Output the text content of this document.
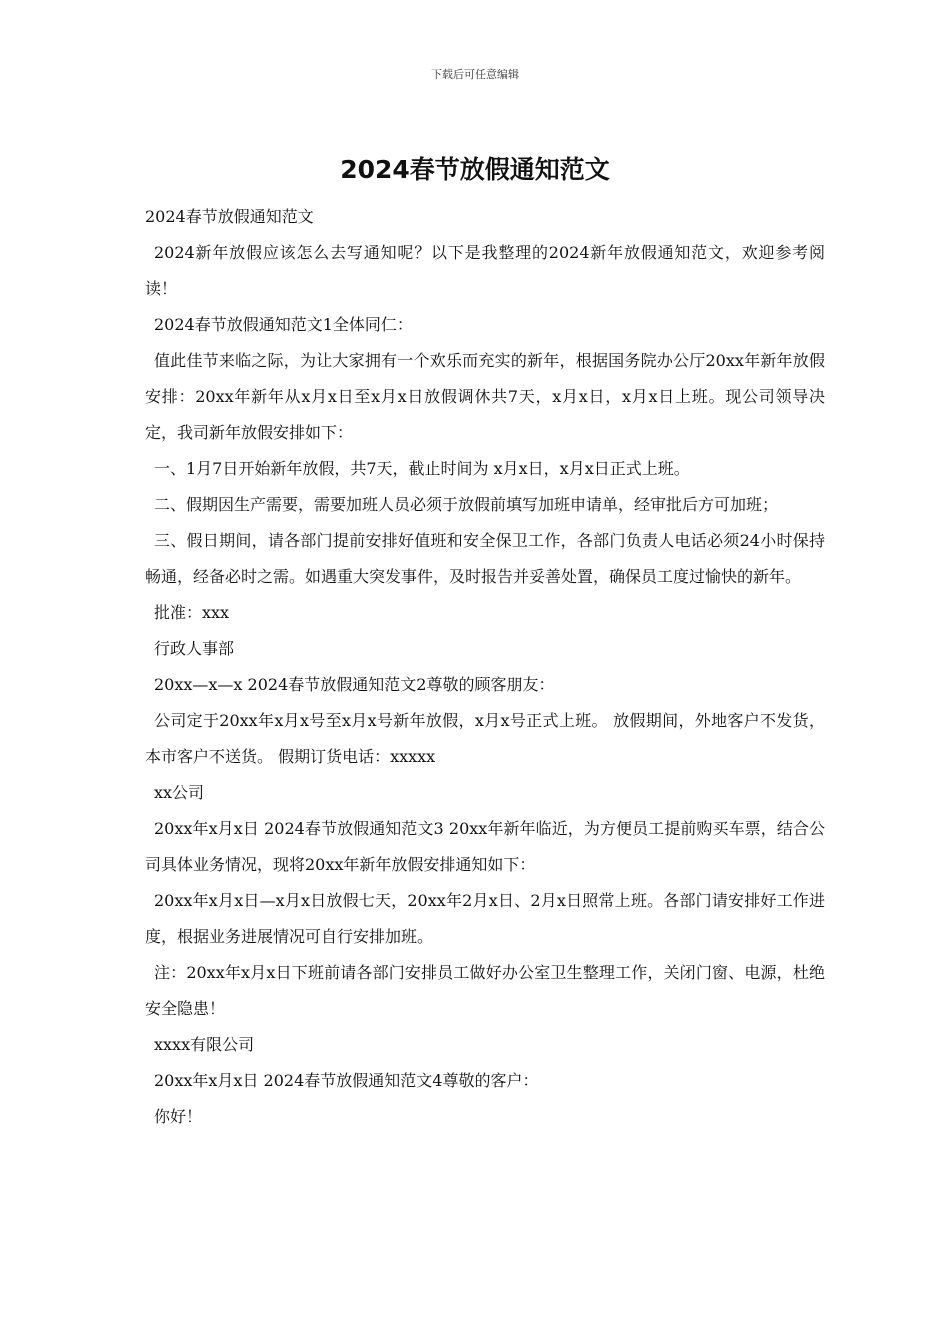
下载后可任意编辑
2024春节放假通知范文

2024春节放假通知范文

2024新年放假应该怎么去写通知呢？以下是我整理的2024新年放假通知范文，欢迎参考阅读！

2024春节放假通知范文1全体同仁：

值此佳节来临之际，为让大家拥有一个欢乐而充实的新年，根据国务院办公厅20xx年新年放假安排：20xx年新年从x月x日至x月x日放假调休共7天，x月x日，x月x日上班。现公司领导决定，我司新年放假安排如下：

一、1月7日开始新年放假，共7天，截止时间为 x月x日，x月x日正式上班。

二、假期因生产需要，需要加班人员必须于放假前填写加班申请单，经审批后方可加班；

三、假日期间，请各部门提前安排好值班和安全保卫工作，各部门负责人电话必须24小时保持畅通，经备必时之需。如遇重大突发事件，及时报告并妥善处置，确保员工度过愉快的新年。

批准：xxx

行政人事部

20xx—x—x 2024春节放假通知范文2尊敬的顾客朋友：

公司定于20xx年x月x号至x月x号新年放假，x月x号正式上班。 放假期间，外地客户不发货，本市客户不送货。 假期订货电话：xxxxx

xx公司

20xx年x月x日 2024春节放假通知范文3 20xx年新年临近，为方便员工提前购买车票，结合公司具体业务情况，现将20xx年新年放假安排通知如下：

20xx年x月x日—x月x日放假七天，20xx年2月x日、2月x日照常上班。各部门请安排好工作进度，根据业务进展情况可自行安排加班。

注：20xx年x月x日下班前请各部门安排员工做好办公室卫生整理工作，关闭门窗、电源，杜绝安全隐患！

xxxx有限公司

20xx年x月x日 2024春节放假通知范文4尊敬的客户：

你好！
